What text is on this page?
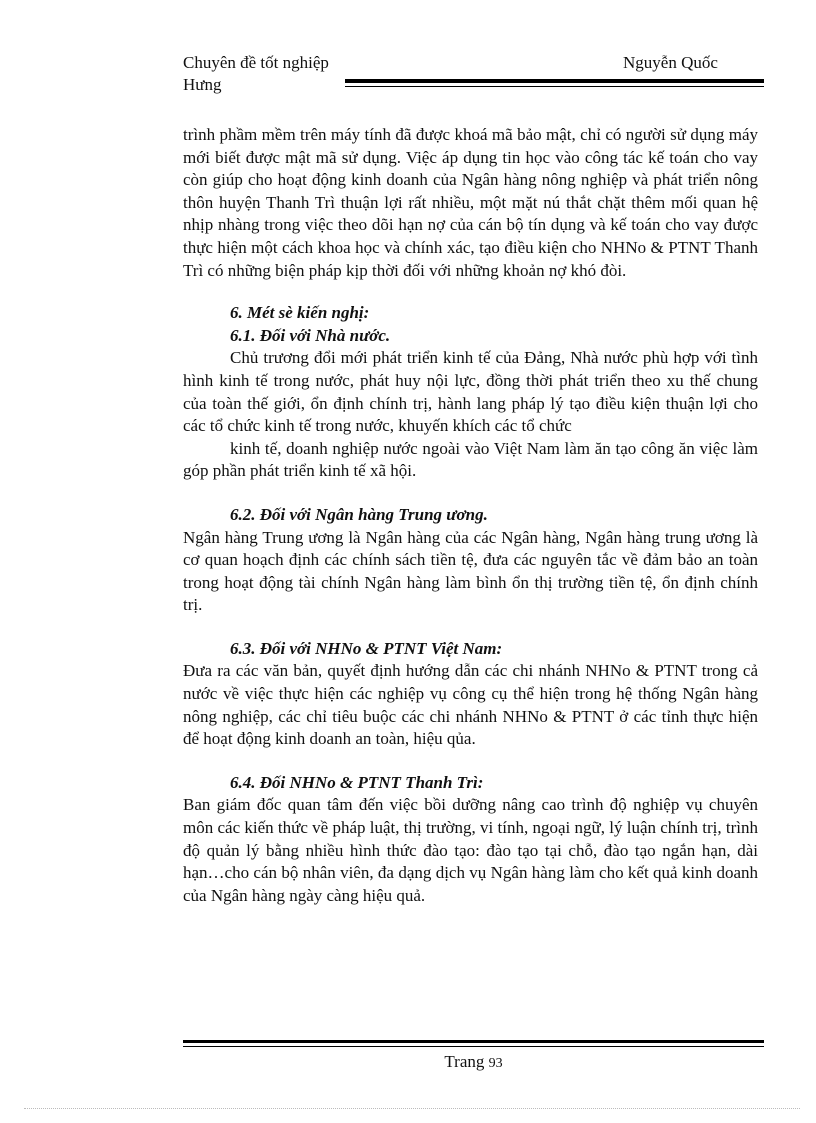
Chuyên đề tốt nghiệp	Nguyễn Quốc
Hưng

trình phầm mềm trên máy tính đã được khoá mã bảo mật, chỉ có người sử dụng máy mới biết được mật mã sử dụng. Việc áp dụng tin học vào công tác kế toán cho vay còn giúp cho hoạt động kinh doanh của Ngân hàng nông nghiệp và phát triển nông thôn huyện Thanh Trì thuận lợi rất nhiều, một mặt nú thắt chặt thêm mối quan hệ nhịp nhàng trong việc theo dõi hạn nợ của cán bộ tín dụng và kế toán cho vay được thực hiện một cách khoa học và chính xác, tạo điều kiện cho NHNo & PTNT Thanh Trì có những biện pháp kịp thời đối với những khoản nợ khó đòi.

6. Mét sè kiến nghị:

6.1. Đối với Nhà nước.

Chủ trương đổi mới phát triển kinh tế của Đảng, Nhà nước phù hợp với tình hình kinh tế trong nước, phát huy nội lực, đồng thời phát triển theo xu thế chung của toàn thế giới, ổn định chính trị, hành lang pháp lý tạo điều kiện thuận lợi cho các tổ chức kinh tế trong nước, khuyến khích các tổ chức

kinh tế, doanh nghiệp nước ngoài vào Việt Nam làm ăn tạo công ăn việc làm góp phần phát triển kinh tế xã hội.

6.2. Đối với Ngân hàng Trung ương.

Ngân hàng Trung ương là Ngân hàng của các Ngân hàng, Ngân hàng trung ương là cơ quan hoạch định các chính sách tiền tệ, đưa các nguyên tắc về đảm bảo an toàn trong hoạt động tài chính Ngân hàng làm bình ổn thị trường tiền tệ, ổn định chính trị.

6.3. Đối với NHNo & PTNT Việt Nam:

Đưa ra các văn bản, quyết định hướng dẫn các chi nhánh NHNo & PTNT trong cả nước về việc thực hiện các nghiệp vụ công cụ thể hiện trong hệ thống Ngân hàng nông nghiệp, các chỉ tiêu buộc các chi nhánh NHNo & PTNT ở các tỉnh thực hiện để hoạt động kinh doanh an toàn, hiệu qủa.

6.4. Đối NHNo & PTNT Thanh Trì:

Ban giám đốc quan tâm đến việc bồi dưỡng nâng cao trình độ nghiệp vụ chuyên môn các kiến thức về pháp luật, thị trường, vi tính, ngoại ngữ, lý luận chính trị, trình độ quản lý bằng nhiều hình thức đào tạo: đào tạo tại chỗ, đào tạo ngắn hạn, dài hạn…cho cán bộ nhân viên, đa dạng dịch vụ Ngân hàng làm cho kết quả kinh doanh của Ngân hàng ngày càng hiệu quả.

Trang 93
